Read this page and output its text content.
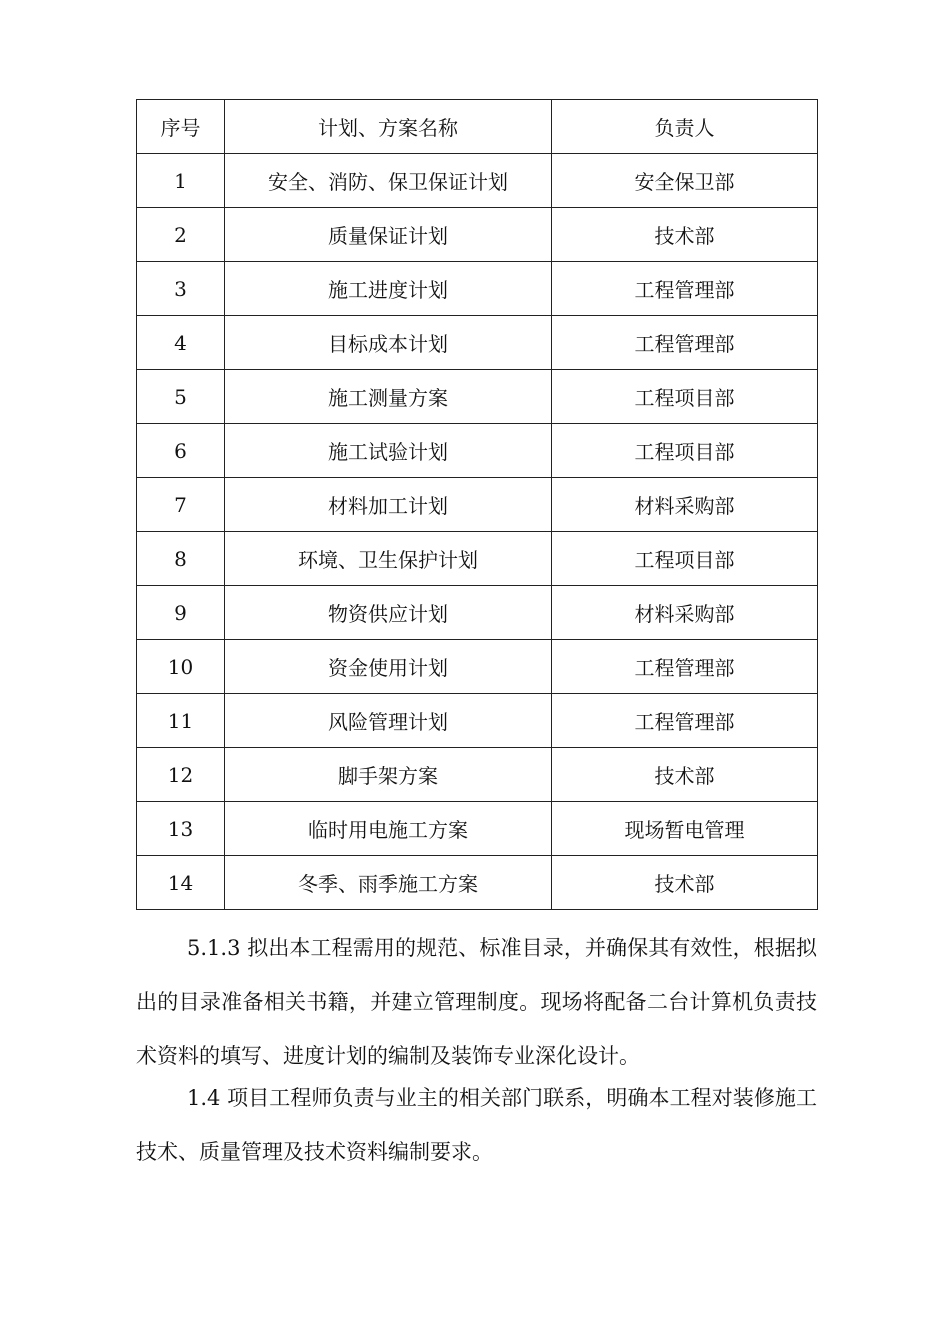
序号	计划、方案名称	负责人
1	安全、消防、保卫保证计划	安全保卫部
2	质量保证计划	技术部
3	施工进度计划	工程管理部
4	目标成本计划	工程管理部
5	施工测量方案	工程项目部
6	施工试验计划	工程项目部
7	材料加工计划	材料采购部
8	环境、卫生保护计划	工程项目部
9	物资供应计划	材料采购部
10	资金使用计划	工程管理部
11	风险管理计划	工程管理部
12	脚手架方案	技术部
13	临时用电施工方案	现场暂电管理
14	冬季、雨季施工方案	技术部

5.1.3 拟出本工程需用的规范、标准目录，并确保其有效性，根据拟出的目录准备相关书籍，并建立管理制度。现场将配备二台计算机负责技术资料的填写、进度计划的编制及装饰专业深化设计。

1.4 项目工程师负责与业主的相关部门联系，明确本工程对装修施工技术、质量管理及技术资料编制要求。
